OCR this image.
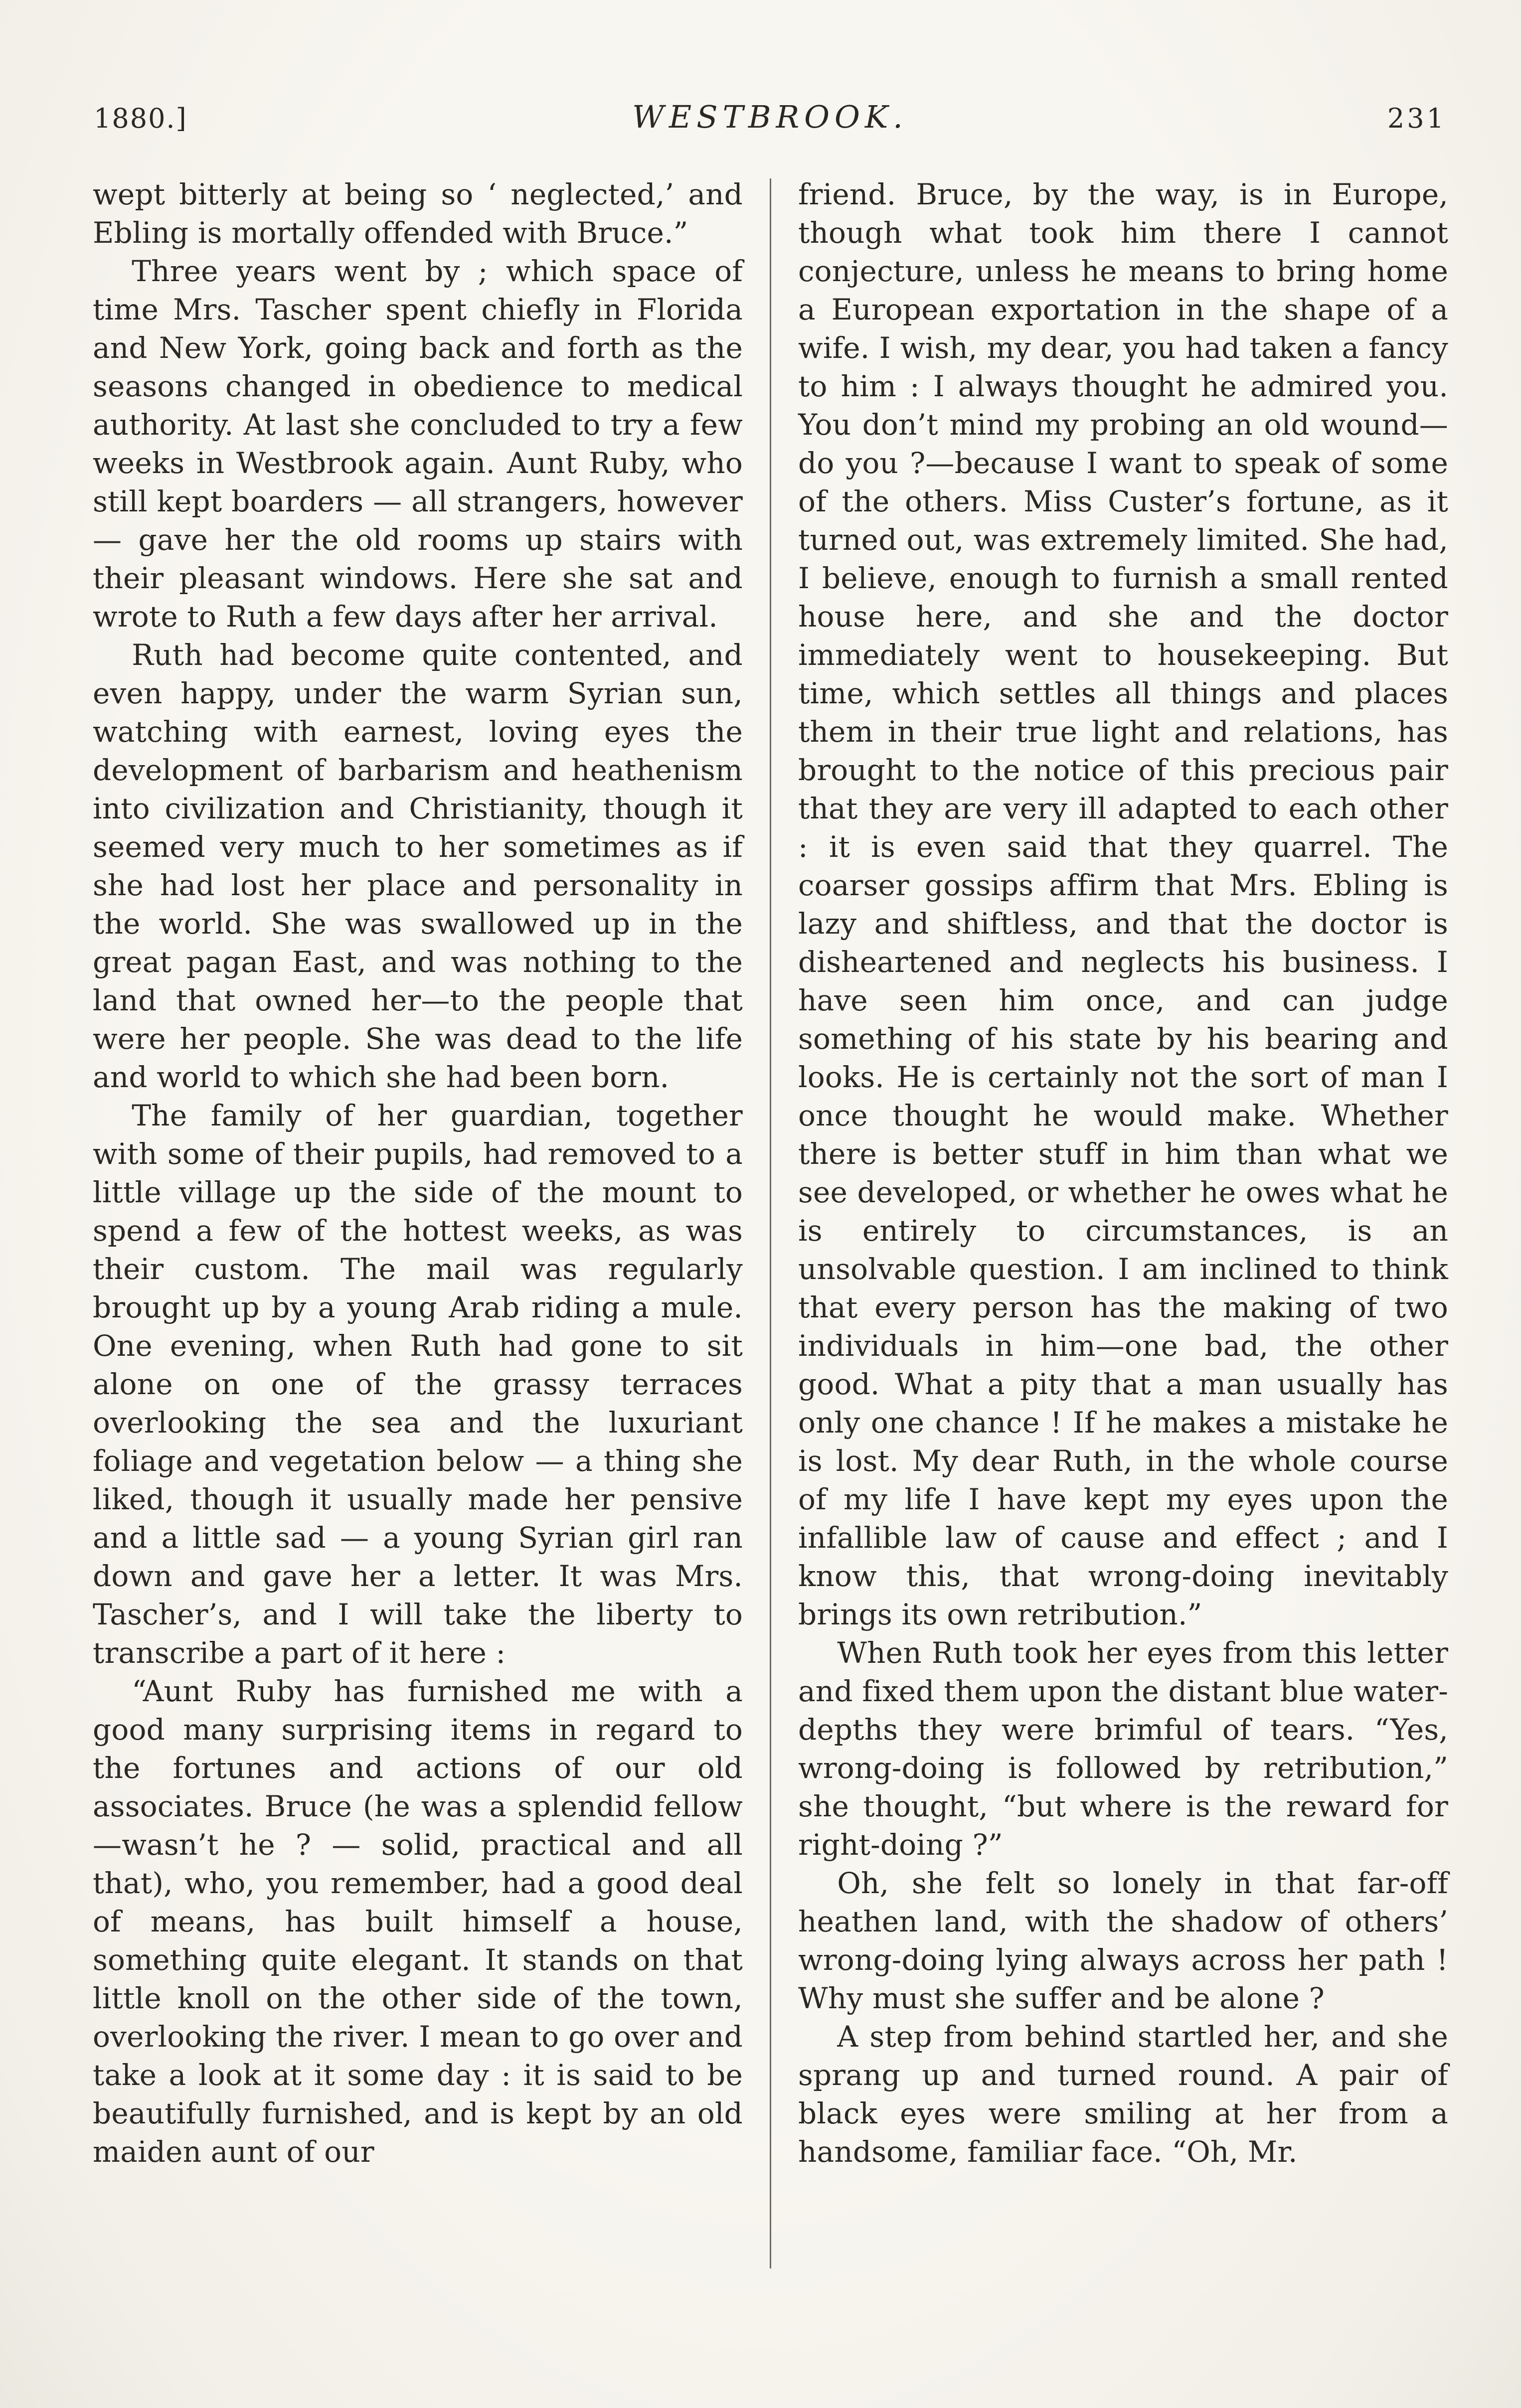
1880.]	WESTBROOK.	231

wept bitterly at being so ‘ neglected,’ and Ebling is mortally offended with Bruce.”

Three years went by ; which space of time Mrs. Tascher spent chiefly in Florida and New York, going back and forth as the seasons changed in obedience to medical authority. At last she concluded to try a few weeks in Westbrook again. Aunt Ruby, who still kept boarders — all strangers, however — gave her the old rooms up stairs with their pleasant windows. Here she sat and wrote to Ruth a few days after her arrival.

Ruth had become quite contented, and even happy, under the warm Syrian sun, watching with earnest, loving eyes the development of barbarism and heathenism into civilization and Christianity, though it seemed very much to her sometimes as if she had lost her place and personality in the world. She was swallowed up in the great pagan East, and was nothing to the land that owned her—to the people that were her people. She was dead to the life and world to which she had been born.

The family of her guardian, together with some of their pupils, had removed to a little village up the side of the mount to spend a few of the hottest weeks, as was their custom. The mail was regularly brought up by a young Arab riding a mule. One evening, when Ruth had gone to sit alone on one of the grassy terraces overlooking the sea and the luxuriant foliage and vegetation below — a thing she liked, though it usually made her pensive and a little sad — a young Syrian girl ran down and gave her a letter. It was Mrs. Tascher’s, and I will take the liberty to transcribe a part of it here :

“Aunt Ruby has furnished me with a good many surprising items in regard to the fortunes and actions of our old associates. Bruce (he was a splendid fellow —wasn’t he ? — solid, practical and all that), who, you remember, had a good deal of means, has built himself a house, something quite elegant. It stands on that little knoll on the other side of the town, overlooking the river. I mean to go over and take a look at it some day : it is said to be beautifully furnished, and is kept by an old maiden aunt of our

friend. Bruce, by the way, is in Europe, though what took him there I cannot conjecture, unless he means to bring home a European exportation in the shape of a wife. I wish, my dear, you had taken a fancy to him : I always thought he admired you. You don’t mind my probing an old wound—do you ?—because I want to speak of some of the others. Miss Custer’s fortune, as it turned out, was extremely limited. She had, I believe, enough to furnish a small rented house here, and she and the doctor immediately went to housekeeping. But time, which settles all things and places them in their true light and relations, has brought to the notice of this precious pair that they are very ill adapted to each other : it is even said that they quarrel. The coarser gossips affirm that Mrs. Ebling is lazy and shiftless, and that the doctor is disheartened and neglects his business. I have seen him once, and can judge something of his state by his bearing and looks. He is certainly not the sort of man I once thought he would make. Whether there is better stuff in him than what we see developed, or whether he owes what he is entirely to circumstances, is an unsolvable question. I am inclined to think that every person has the making of two individuals in him—one bad, the other good. What a pity that a man usually has only one chance ! If he makes a mistake he is lost. My dear Ruth, in the whole course of my life I have kept my eyes upon the infallible law of cause and effect ; and I know this, that wrong-doing inevitably brings its own retribution.”

When Ruth took her eyes from this letter and fixed them upon the distant blue water-depths they were brimful of tears. “Yes, wrong-doing is followed by retribution,” she thought, “but where is the reward for right-doing ?”

Oh, she felt so lonely in that far-off heathen land, with the shadow of others’ wrong-doing lying always across her path ! Why must she suffer and be alone ?

A step from behind startled her, and she sprang up and turned round. A pair of black eyes were smiling at her from a handsome, familiar face. “Oh, Mr.
